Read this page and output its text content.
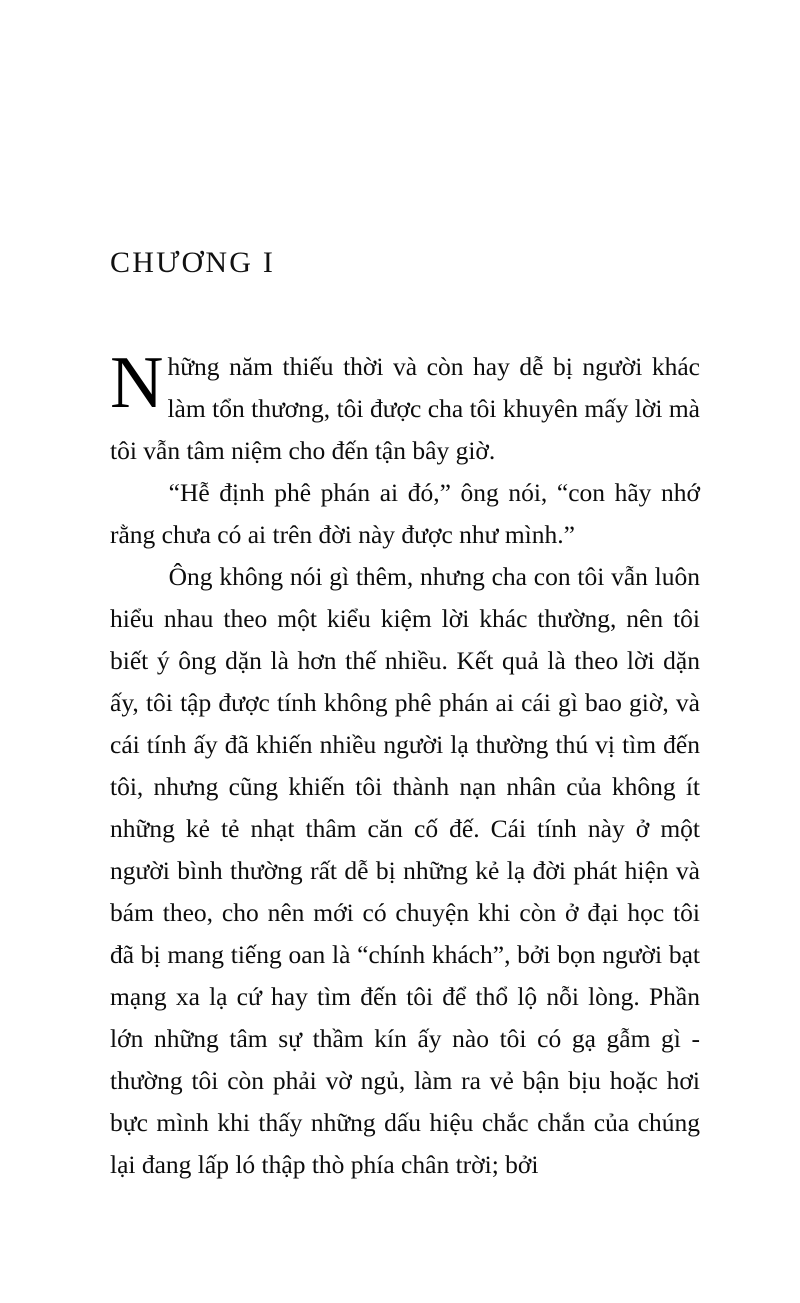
CHƯƠNG I

Những năm thiếu thời và còn hay dễ bị người khác làm tổn thương, tôi được cha tôi khuyên mấy lời mà tôi vẫn tâm niệm cho đến tận bây giờ.

“Hễ định phê phán ai đó,” ông nói, “con hãy nhớ rằng chưa có ai trên đời này được như mình.”

Ông không nói gì thêm, nhưng cha con tôi vẫn luôn hiểu nhau theo một kiểu kiệm lời khác thường, nên tôi biết ý ông dặn là hơn thế nhiều. Kết quả là theo lời dặn ấy, tôi tập được tính không phê phán ai cái gì bao giờ, và cái tính ấy đã khiến nhiều người lạ thường thú vị tìm đến tôi, nhưng cũng khiến tôi thành nạn nhân của không ít những kẻ tẻ nhạt thâm căn cố đế. Cái tính này ở một người bình thường rất dễ bị những kẻ lạ đời phát hiện và bám theo, cho nên mới có chuyện khi còn ở đại học tôi đã bị mang tiếng oan là “chính khách”, bởi bọn người bạt mạng xa lạ cứ hay tìm đến tôi để thổ lộ nỗi lòng. Phần lớn những tâm sự thầm kín ấy nào tôi có gạ gẫm gì - thường tôi còn phải vờ ngủ, làm ra vẻ bận bịu hoặc hơi bực mình khi thấy những dấu hiệu chắc chắn của chúng lại đang lấp ló thập thò phía chân trời; bởi
